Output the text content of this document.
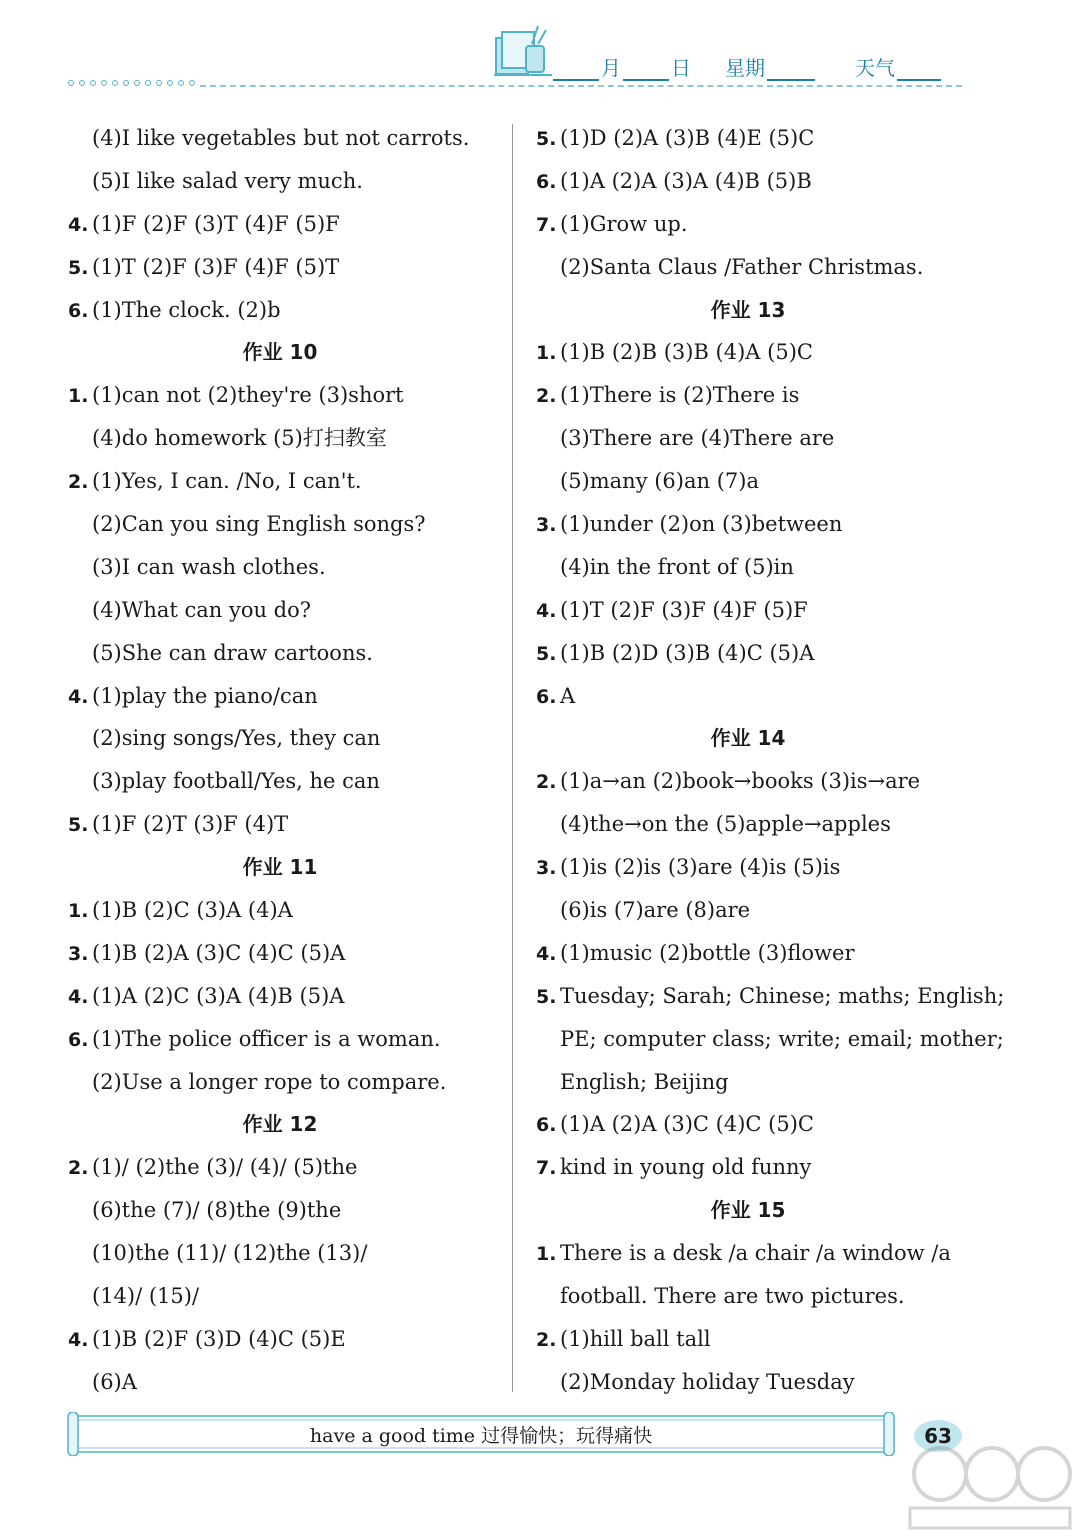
月	日 星期	天气
(4)I like vegetables but not carrots.
(5)I like salad very much.
4. (1)F (2)F (3)T (4)F (5)F
5. (1)T (2)F (3)F (4)F (5)T
6. (1)The clock. (2)b
作业 10
1. (1)can not (2)they're (3)short
(4)do homework (5)打扫教室
2. (1)Yes, I can. /No, I can't.
(2)Can you sing English songs?
(3)I can wash clothes.
(4)What can you do?
(5)She can draw cartoons.
4. (1)play the piano/can
(2)sing songs/Yes, they can
(3)play football/Yes, he can
5. (1)F (2)T (3)F (4)T
作业 11
1. (1)B (2)C (3)A (4)A
3. (1)B (2)A (3)C (4)C (5)A
4. (1)A (2)C (3)A (4)B (5)A
6. (1)The police officer is a woman.
(2)Use a longer rope to compare.
作业 12
2. (1)/ (2)the (3)/ (4)/ (5)the
(6)the (7)/ (8)the (9)the
(10)the (11)/ (12)the (13)/
(14)/ (15)/
4. (1)B (2)F (3)D (4)C (5)E
(6)A
5. (1)D (2)A (3)B (4)E (5)C
6. (1)A (2)A (3)A (4)B (5)B
7. (1)Grow up.
(2)Santa Claus /Father Christmas.
作业 13
1. (1)B (2)B (3)B (4)A (5)C
2. (1)There is (2)There is
(3)There are (4)There are
(5)many (6)an (7)a
3. (1)under (2)on (3)between
(4)in the front of (5)in
4. (1)T (2)F (3)F (4)F (5)F
5. (1)B (2)D (3)B (4)C (5)A
6. A
作业 14
2. (1)a→an (2)book→books (3)is→are
(4)the→on the (5)apple→apples
3. (1)is (2)is (3)are (4)is (5)is
(6)is (7)are (8)are
4. (1)music (2)bottle (3)flower
5. Tuesday; Sarah; Chinese; maths; English;
PE; computer class; write; email; mother;
English; Beijing
6. (1)A (2)A (3)C (4)C (5)C
7. kind in young old funny
作业 15
1. There is a desk /a chair /a window /a
football. There are two pictures.
2. (1)hill ball tall
(2)Monday holiday Tuesday
have a good time 过得愉快；玩得痛快	63
